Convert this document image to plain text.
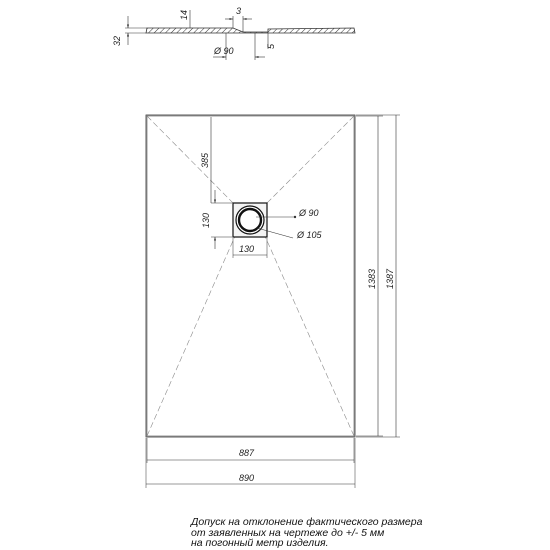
32
14	3
Ø 90	5
385
130
130
Ø 90
Ø 105
1383 1387
887
890
Допуск на отклонение фактического размера
от заявленных на чертеже до +/- 5 мм
на погонный метр изделия.
